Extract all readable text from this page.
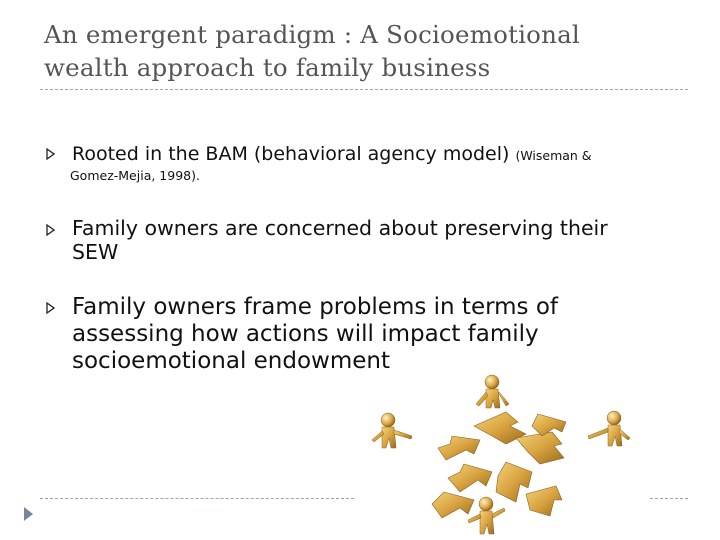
An emergent paradigm : A Socioemotional
wealth approach to family business
Rooted in the BAM (behavioral agency model) (Wiseman &
Gomez-Mejia, 1998).
Family owners are concerned about preserving their
SEW
Family owners frame problems in terms of
assessing how actions will impact family
socioemotional endowment
